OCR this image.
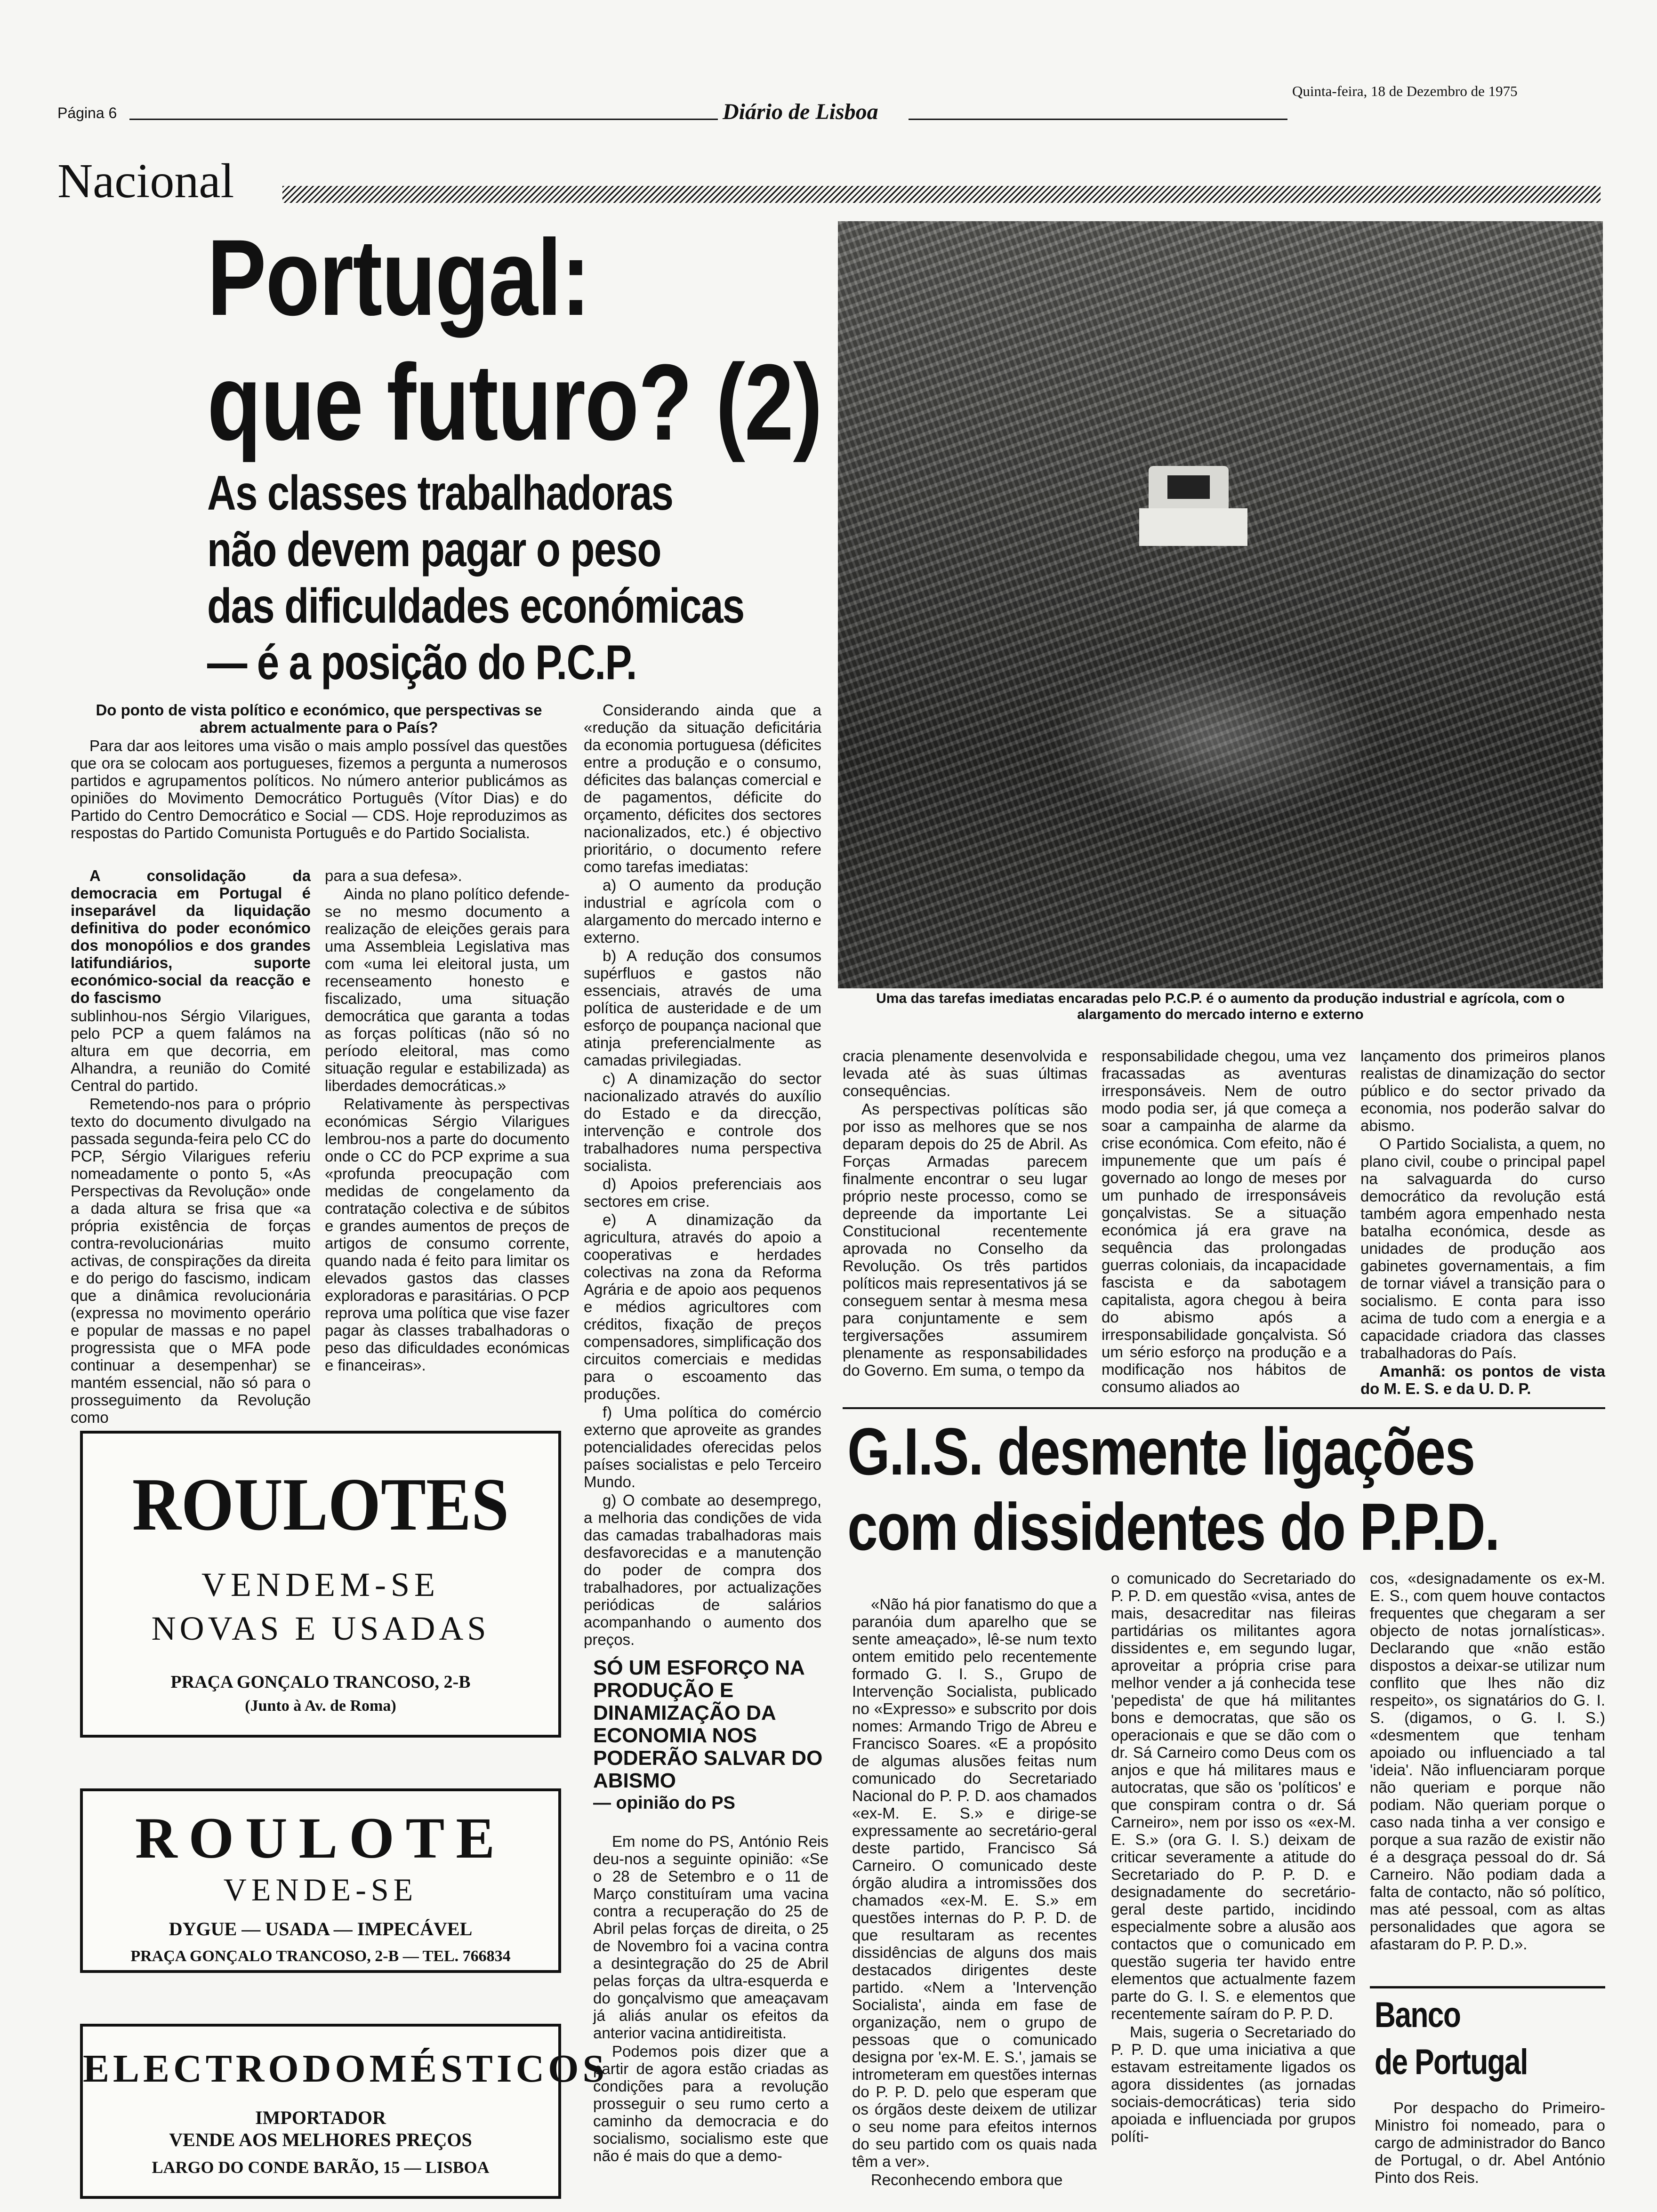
Página 6	Diário de Lisboa
Quinta-feira, 18 de Dezembro de 1975
Nacional
Portugal:
que futuro? (2)
As classes trabalhadoras
não devem pagar o peso
das dificuldades económicas
— é a posição do P.C.P.
Uma das tarefas imediatas encaradas pelo P.C.P. é o aumento da produção industrial e agrícola, com o alargamento do mercado interno e externo

Do ponto de vista político e económico, que perspectivas se abrem actualmente para o País?

Para dar aos leitores uma visão o mais amplo possível das questões que ora se colocam aos portugueses, fizemos a pergunta a numerosos partidos e agrupamentos políticos. No número anterior publicámos as opiniões do Movimento Democrático Português (Vítor Dias) e do Partido do Centro Democrático e Social — CDS. Hoje reproduzimos as respostas do Partido Comunista Português e do Partido Socialista.

A consolidação da democracia em Portugal é inseparável da liquidação definitiva do poder económico dos monopólios e dos grandes latifundiários, suporte económico-social da reacção e do fascismo

sublinhou-nos Sérgio Vilarigues, pelo PCP a quem falámos na altura em que decorria, em Alhandra, a reunião do Comité Central do partido.

Remetendo-nos para o próprio texto do documento divulgado na passada segunda-feira pelo CC do PCP, Sérgio Vilarigues referiu nomeadamente o ponto 5, «As Perspectivas da Revolução» onde a dada altura se frisa que «a própria existência de forças contra-revolucionárias muito activas, de conspirações da direita e do perigo do fascismo, indicam que a dinâmica revolucionária (expressa no movimento operário e popular de massas e no papel progressista que o MFA pode continuar a desempenhar) se mantém essencial, não só para o prosseguimento da Revolução como

para a sua defesa».

Ainda no plano político defende-se no mesmo documento a realização de eleições gerais para uma Assembleia Legislativa mas com «uma lei eleitoral justa, um recenseamento honesto e fiscalizado, uma situação democrática que garanta a todas as forças políticas (não só no período eleitoral, mas como situação regular e estabilizada) as liberdades democráticas.»

Relativamente às perspectivas económicas Sérgio Vilarigues lembrou-nos a parte do documento onde o CC do PCP exprime a sua «profunda preocupação com medidas de congelamento da contratação colectiva e de súbitos e grandes aumentos de preços de artigos de consumo corrente, quando nada é feito para limitar os elevados gastos das classes exploradoras e parasitárias. O PCP reprova uma política que vise fazer pagar às classes trabalhadoras o peso das dificuldades económicas e financeiras».

Considerando ainda que a «redução da situação deficitária da economia portuguesa (déficites entre a produção e o consumo, déficites das balanças comercial e de pagamentos, déficite do orçamento, déficites dos sectores nacionalizados, etc.) é objectivo prioritário, o documento refere como tarefas imediatas:

a) O aumento da produção industrial e agrícola com o alargamento do mercado interno e externo.

b) A redução dos consumos supérfluos e gastos não essenciais, através de uma política de austeridade e de um esforço de poupança nacional que atinja preferencialmente as camadas privilegiadas.

c) A dinamização do sector nacionalizado através do auxílio do Estado e da direcção, intervenção e controle dos trabalhadores numa perspectiva socialista.

d) Apoios preferenciais aos sectores em crise.

e) A dinamização da agricultura, através do apoio a cooperativas e herdades colectivas na zona da Reforma Agrária e de apoio aos pequenos e médios agricultores com créditos, fixação de preços compensadores, simplificação dos circuitos comerciais e medidas para o escoamento das produções.

f) Uma política do comércio externo que aproveite as grandes potencialidades oferecidas pelos países socialistas e pelo Terceiro Mundo.

g) O combate ao desemprego, a melhoria das condições de vida das camadas trabalhadoras mais desfavorecidas e a manutenção do poder de compra dos trabalhadores, por actualizações periódicas de salários acompanhando o aumento dos preços.

SÓ UM ESFORÇO NA PRODUÇÃO E DINAMIZAÇÃO DA ECONOMIA NOS PODERÃO SALVAR DO ABISMO
— opinião do PS

Em nome do PS, António Reis deu-nos a seguinte opinião: «Se o 28 de Setembro e o 11 de Março constituíram uma vacina contra a recuperação do 25 de Abril pelas forças de direita, o 25 de Novembro foi a vacina contra a desintegração do 25 de Abril pelas forças da ultra-esquerda e do gonçalvismo que ameaçavam já aliás anular os efeitos da anterior vacina antidireitista.

Podemos pois dizer que a partir de agora estão criadas as condições para a revolução prosseguir o seu rumo certo a caminho da democracia e do socialismo, socialismo este que não é mais do que a demo-

cracia plenamente desenvolvida e levada até às suas últimas consequências.

As perspectivas políticas são por isso as melhores que se nos deparam depois do 25 de Abril. As Forças Armadas parecem finalmente encontrar o seu lugar próprio neste processo, como se depreende da importante Lei Constitucional recentemente aprovada no Conselho da Revolução. Os três partidos políticos mais representativos já se conseguem sentar à mesma mesa para conjuntamente e sem tergiversações assumirem plenamente as responsabilidades do Governo. Em suma, o tempo da

responsabilidade chegou, uma vez fracassadas as aventuras irresponsáveis. Nem de outro modo podia ser, já que começa a soar a campainha de alarme da crise económica. Com efeito, não é impunemente que um país é governado ao longo de meses por um punhado de irresponsáveis gonçalvistas. Se a situação económica já era grave na sequência das prolongadas guerras coloniais, da incapacidade fascista e da sabotagem capitalista, agora chegou à beira do abismo após a irresponsabilidade gonçalvista. Só um sério esforço na produção e a modificação nos hábitos de consumo aliados ao

lançamento dos primeiros planos realistas de dinamização do sector público e do sector privado da economia, nos poderão salvar do abismo.

O Partido Socialista, a quem, no plano civil, coube o principal papel na salvaguarda do curso democrático da revolução está também agora empenhado nesta batalha económica, desde as unidades de produção aos gabinetes governamentais, a fim de tornar viável a transição para o socialismo. E conta para isso acima de tudo com a energia e a capacidade criadora das classes trabalhadoras do País.

Amanhã: os pontos de vista do M. E. S. e da U. D. P.

G.I.S. desmente ligações
com dissidentes do P.P.D.

«Não há pior fanatismo do que a paranóia dum aparelho que se sente ameaçado», lê-se num texto ontem emitido pelo recentemente formado G. I. S., Grupo de Intervenção Socialista, publicado no «Expresso» e subscrito por dois nomes: Armando Trigo de Abreu e Francisco Soares. «E a propósito de algumas alusões feitas num comunicado do Secretariado Nacional do P. P. D. aos chamados «ex-M. E. S.» e dirige-se expressamente ao secretário-geral deste partido, Francisco Sá Carneiro. O comunicado deste órgão aludira a intromissões dos chamados «ex-M. E. S.» em questões internas do P. P. D. de que resultaram as recentes dissidências de alguns dos mais destacados dirigentes deste partido. «Nem a 'Intervenção Socialista', ainda em fase de organização, nem o grupo de pessoas que o comunicado designa por 'ex-M. E. S.', jamais se intrometeram em questões internas do P. P. D. pelo que esperam que os órgãos deste deixem de utilizar o seu nome para efeitos internos do seu partido com os quais nada têm a ver».

Reconhecendo embora que

o comunicado do Secretariado do P. P. D. em questão «visa, antes de mais, desacreditar nas fileiras partidárias os militantes agora dissidentes e, em segundo lugar, aproveitar a própria crise para melhor vender a já conhecida tese 'pepedista' de que há militantes bons e democratas, que são os operacionais e que se dão com o dr. Sá Carneiro como Deus com os anjos e que há militares maus e autocratas, que são os 'políticos' e que conspiram contra o dr. Sá Carneiro», nem por isso os «ex-M. E. S.» (ora G. I. S.) deixam de criticar severamente a atitude do Secretariado do P. P. D. e designadamente do secretário-geral deste partido, incidindo especialmente sobre a alusão aos contactos que o comunicado em questão sugeria ter havido entre elementos que actualmente fazem parte do G. I. S. e elementos que recentemente saíram do P. P. D.

Mais, sugeria o Secretariado do P. P. D. que uma iniciativa a que estavam estreitamente ligados os agora dissidentes (as jornadas sociais-democráticas) teria sido apoiada e influenciada por grupos políti-

cos, «designadamente os ex-M. E. S., com quem houve contactos frequentes que chegaram a ser objecto de notas jornalísticas». Declarando que «não estão dispostos a deixar-se utilizar num conflito que lhes não diz respeito», os signatários do G. I. S. (digamos, o G. I. S.) «desmentem que tenham apoiado ou influenciado a tal 'ideia'. Não influenciaram porque não queriam e porque não podiam. Não queriam porque o caso nada tinha a ver consigo e porque a sua razão de existir não é a desgraça pessoal do dr. Sá Carneiro. Não podiam dada a falta de contacto, não só político, mas até pessoal, com as altas personalidades que agora se afastaram do P. P. D.».

Banco
de Portugal

Por despacho do Primeiro-Ministro foi nomeado, para o cargo de administrador do Banco de Portugal, o dr. Abel António Pinto dos Reis.

ROULOTES
VENDEM-SE
NOVAS E USADAS
PRAÇA GONÇALO TRANCOSO, 2-B
(Junto à Av. de Roma)
ROULOTE
VENDE-SE
DYGUE — USADA — IMPECÁVEL
PRAÇA GONÇALO TRANCOSO, 2-B — TEL. 766834
ELECTRODOMÉSTICOS
IMPORTADOR
VENDE AOS MELHORES PREÇOS
LARGO DO CONDE BARÃO, 15 — LISBOA
